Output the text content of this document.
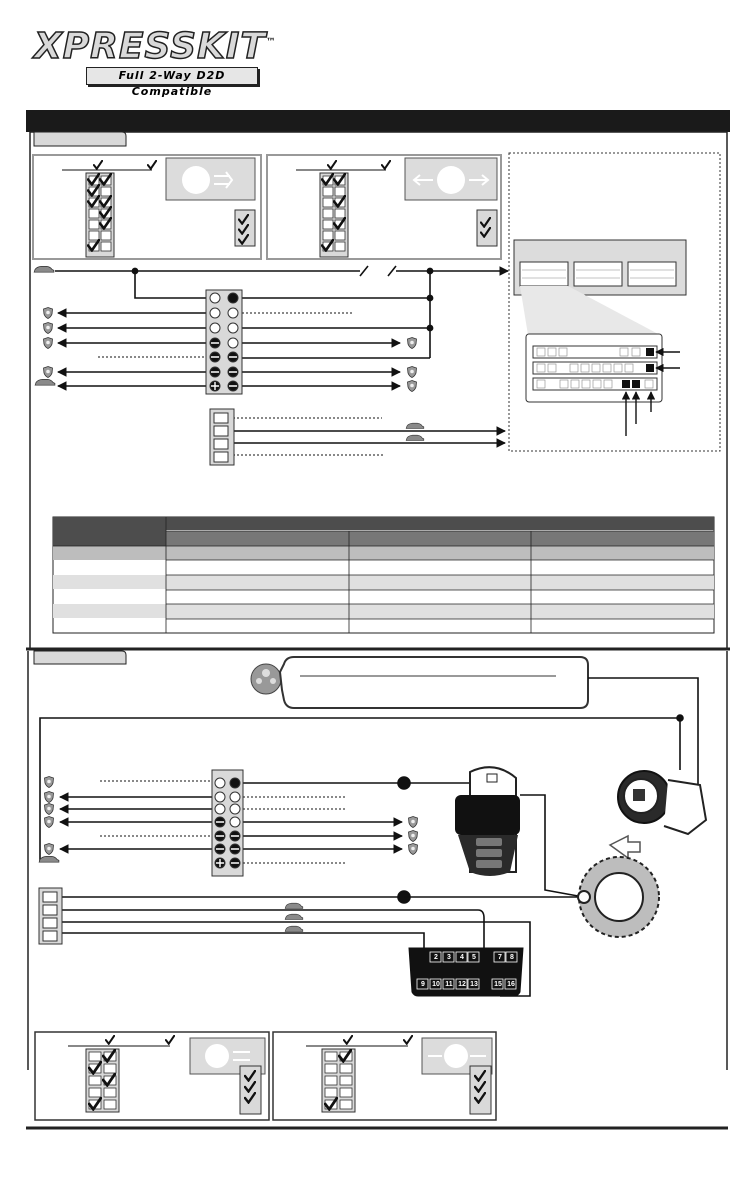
XPRESSKIT™
Full 2-Way D2D Compatible
2 3 4 5	7 8
9 10 11 12 13 15 16
